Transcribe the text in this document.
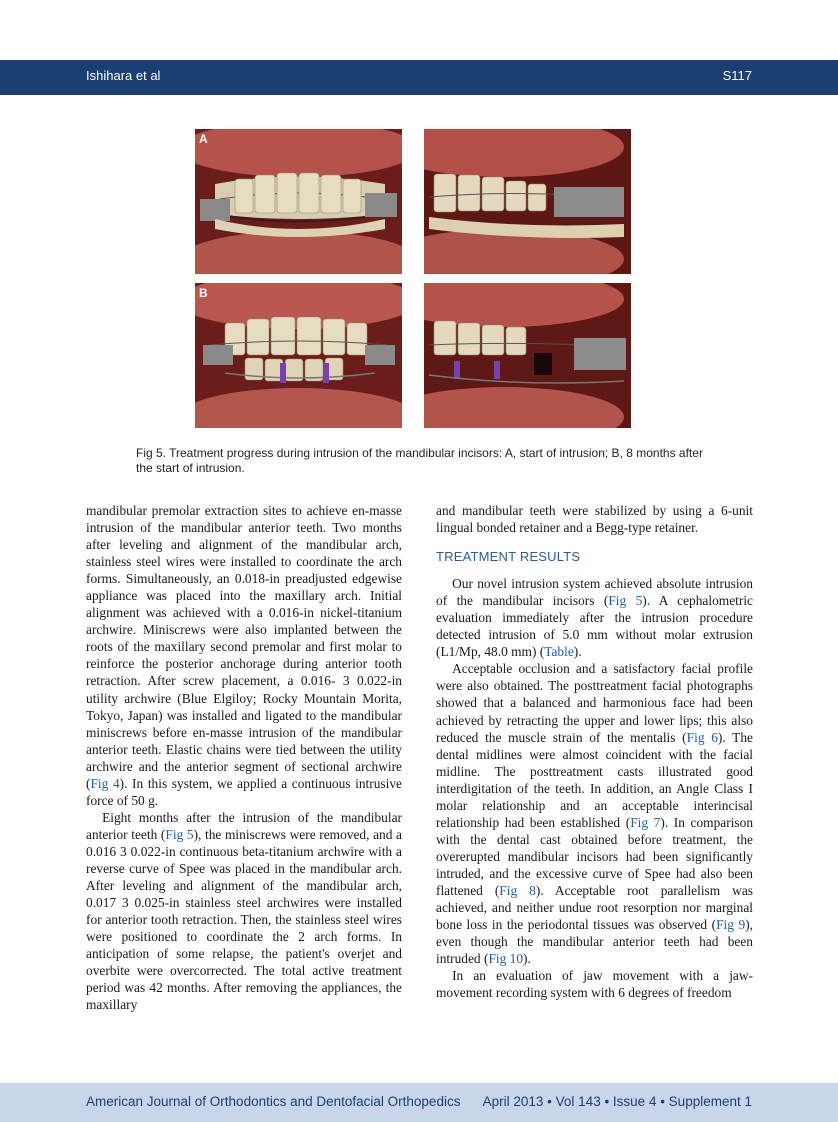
Ishihara et al	S117
A
B
Fig 5. Treatment progress during intrusion of the mandibular incisors: A, start of intrusion; B, 8 months after the start of intrusion.

mandibular premolar extraction sites to achieve en-masse intrusion of the mandibular anterior teeth. Two months after leveling and alignment of the mandibular arch, stainless steel wires were installed to coordinate the arch forms. Simultaneously, an 0.018-in preadjusted edgewise appliance was placed into the maxillary arch. Initial alignment was achieved with a 0.016-in nickel-titanium archwire. Miniscrews were also implanted between the roots of the maxillary second premolar and first molar to reinforce the posterior anchorage during anterior tooth retraction. After screw placement, a 0.016- 3 0.022-in utility archwire (Blue Elgiloy; Rocky Mountain Morita, Tokyo, Japan) was installed and ligated to the mandibular miniscrews before en-masse intrusion of the mandibular anterior teeth. Elastic chains were tied between the utility archwire and the anterior segment of sectional archwire (Fig 4). In this system, we applied a continuous intrusive force of 50 g.

Eight months after the intrusion of the mandibular anterior teeth (Fig 5), the miniscrews were removed, and a 0.016 3 0.022-in continuous beta-titanium archwire with a reverse curve of Spee was placed in the mandibular arch. After leveling and alignment of the mandibular arch, 0.017 3 0.025-in stainless steel archwires were installed for anterior tooth retraction. Then, the stainless steel wires were positioned to coordinate the 2 arch forms. In anticipation of some relapse, the patient's overjet and overbite were overcorrected. The total active treatment period was 42 months. After removing the appliances, the maxillary

and mandibular teeth were stabilized by using a 6-unit lingual bonded retainer and a Begg-type retainer.

TREATMENT RESULTS

Our novel intrusion system achieved absolute intrusion of the mandibular incisors (Fig 5). A cephalometric evaluation immediately after the intrusion procedure detected intrusion of 5.0 mm without molar extrusion (L1/Mp, 48.0 mm) (Table).

Acceptable occlusion and a satisfactory facial profile were also obtained. The posttreatment facial photographs showed that a balanced and harmonious face had been achieved by retracting the upper and lower lips; this also reduced the muscle strain of the mentalis (Fig 6). The dental midlines were almost coincident with the facial midline. The posttreatment casts illustrated good interdigitation of the teeth. In addition, an Angle Class I molar relationship and an acceptable interincisal relationship had been established (Fig 7). In comparison with the dental cast obtained before treatment, the overerupted mandibular incisors had been significantly intruded, and the excessive curve of Spee had also been flattened (Fig 8). Acceptable root parallelism was achieved, and neither undue root resorption nor marginal bone loss in the periodontal tissues was observed (Fig 9), even though the mandibular anterior teeth had been intruded (Fig 10).

In an evaluation of jaw movement with a jaw-movement recording system with 6 degrees of freedom

American Journal of Orthodontics and Dentofacial Orthopedics April 2013 • Vol 143 • Issue 4 • Supplement 1
